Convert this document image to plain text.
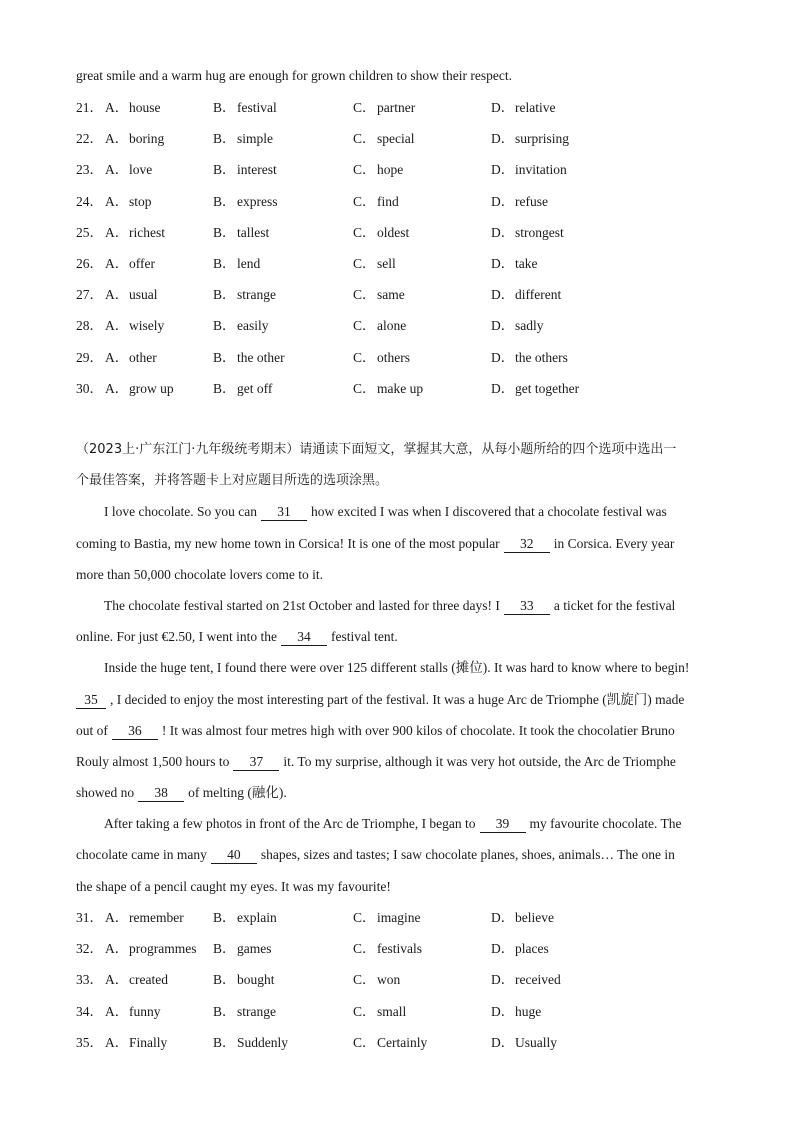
great smile and a warm hug are enough for grown children to show their respect.
21． A．house	B．festival	C．partner	D．relative
22． A．boring	B．simple	C．special	D．surprising
23． A．love	B．interest	C．hope	D．invitation
24． A．stop	B．express	C．find	D．refuse
25． A．richest	B．tallest	C．oldest	D．strongest
26． A．offer	B．lend	C．sell	D．take
27． A．usual	B．strange	C．same	D．different
28． A．wisely	B．easily	C．alone	D．sadly
29． A．other	B．the other	C．others	D．the others
30． A．grow up	B．get off	C．make up	D．get together
（2023上·广东江门·九年级统考期末）请通读下面短文，掌握其大意，从每小题所给的四个选项中选出一
个最佳答案，并将答题卡上对应题目所选的选项涂黑。
I love chocolate. So you can 31 how excited I was when I discovered that a chocolate festival was
coming to Bastia, my new home town in Corsica! It is one of the most popular 32 in Corsica. Every year
more than 50,000 chocolate lovers come to it.
The chocolate festival started on 21st October and lasted for three days! I 33 a ticket for the festival
online. For just €2.50, I went into the 34 festival tent.
Inside the huge tent, I found there were over 125 different stalls (摊位). It was hard to know where to begin!
35 , I decided to enjoy the most interesting part of the festival. It was a huge Arc de Triomphe (凯旋门) made
out of 36 ! It was almost four metres high with over 900 kilos of chocolate. It took the chocolatier Bruno
Rouly almost 1,500 hours to 37 it. To my surprise, although it was very hot outside, the Arc de Triomphe
showed no 38 of melting (融化).
After taking a few photos in front of the Arc de Triomphe, I began to 39 my favourite chocolate. The
chocolate came in many 40 shapes, sizes and tastes; I saw chocolate planes, shoes, animals… The one in
the shape of a pencil caught my eyes. It was my favourite!
31． A．remember B．explain	C．imagine	D．believe
32． A．programmes B．games	C．festivals	D．places
33． A．created	B．bought	C．won	D．received
34． A．funny	B．strange	C．small	D．huge
35． A．Finally	B．Suddenly	C．Certainly	D．Usually
